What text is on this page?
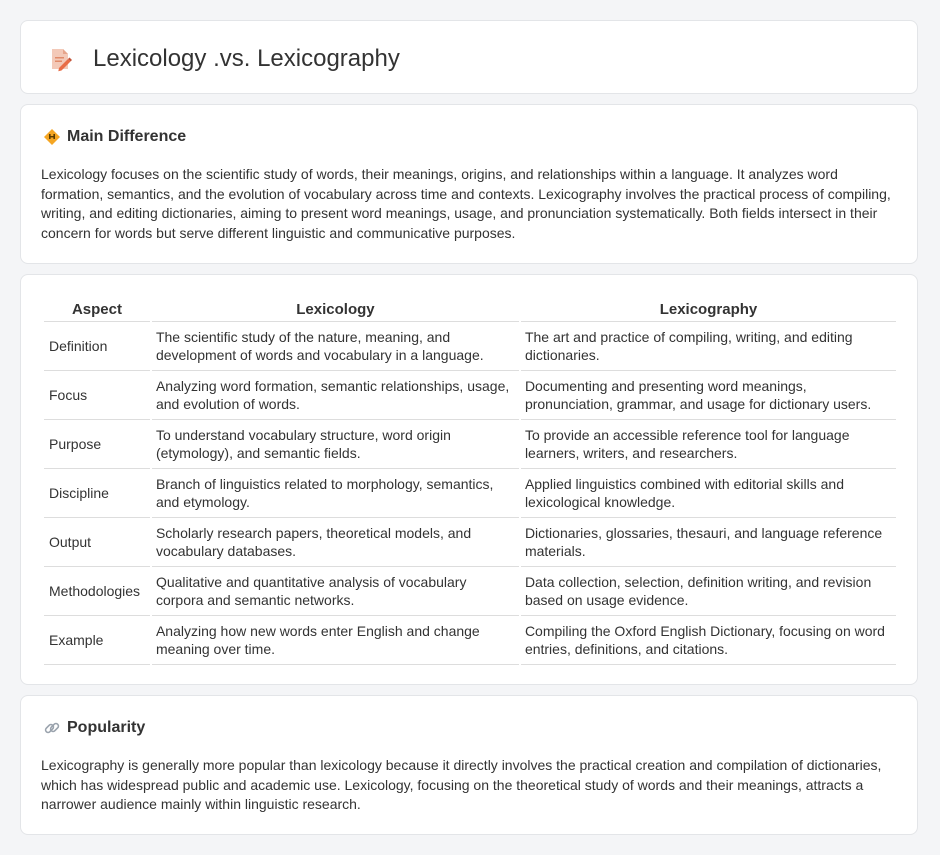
Lexicology .vs. Lexicography
Main Difference

Lexicology focuses on the scientific study of words, their meanings, origins, and relationships within a language. It analyzes word formation, semantics, and the evolution of vocabulary across time and contexts. Lexicography involves the practical process of compiling, writing, and editing dictionaries, aiming to present word meanings, usage, and pronunciation systematically. Both fields intersect in their concern for words but serve different linguistic and communicative purposes.

Aspect	Lexicology	Lexicography
Definition	The scientific study of the nature, meaning, and development of words and vocabulary in a language.	The art and practice of compiling, writing, and editing dictionaries.
Focus	Analyzing word formation, semantic relationships, usage, and evolution of words.	Documenting and presenting word meanings, pronunciation, grammar, and usage for dictionary users.
Purpose	To understand vocabulary structure, word origin (etymology), and semantic fields.	To provide an accessible reference tool for language learners, writers, and researchers.
Discipline	Branch of linguistics related to morphology, semantics, and etymology.	Applied linguistics combined with editorial skills and lexicological knowledge.
Output	Scholarly research papers, theoretical models, and vocabulary databases.	Dictionaries, glossaries, thesauri, and language reference materials.
Methodologies	Qualitative and quantitative analysis of vocabulary corpora and semantic networks.	Data collection, selection, definition writing, and revision based on usage evidence.
Example	Analyzing how new words enter English and change meaning over time.	Compiling the Oxford English Dictionary, focusing on word entries, definitions, and citations.
Popularity

Lexicography is generally more popular than lexicology because it directly involves the practical creation and compilation of dictionaries, which has widespread public and academic use. Lexicology, focusing on the theoretical study of words and their meanings, attracts a narrower audience mainly within linguistic research.
